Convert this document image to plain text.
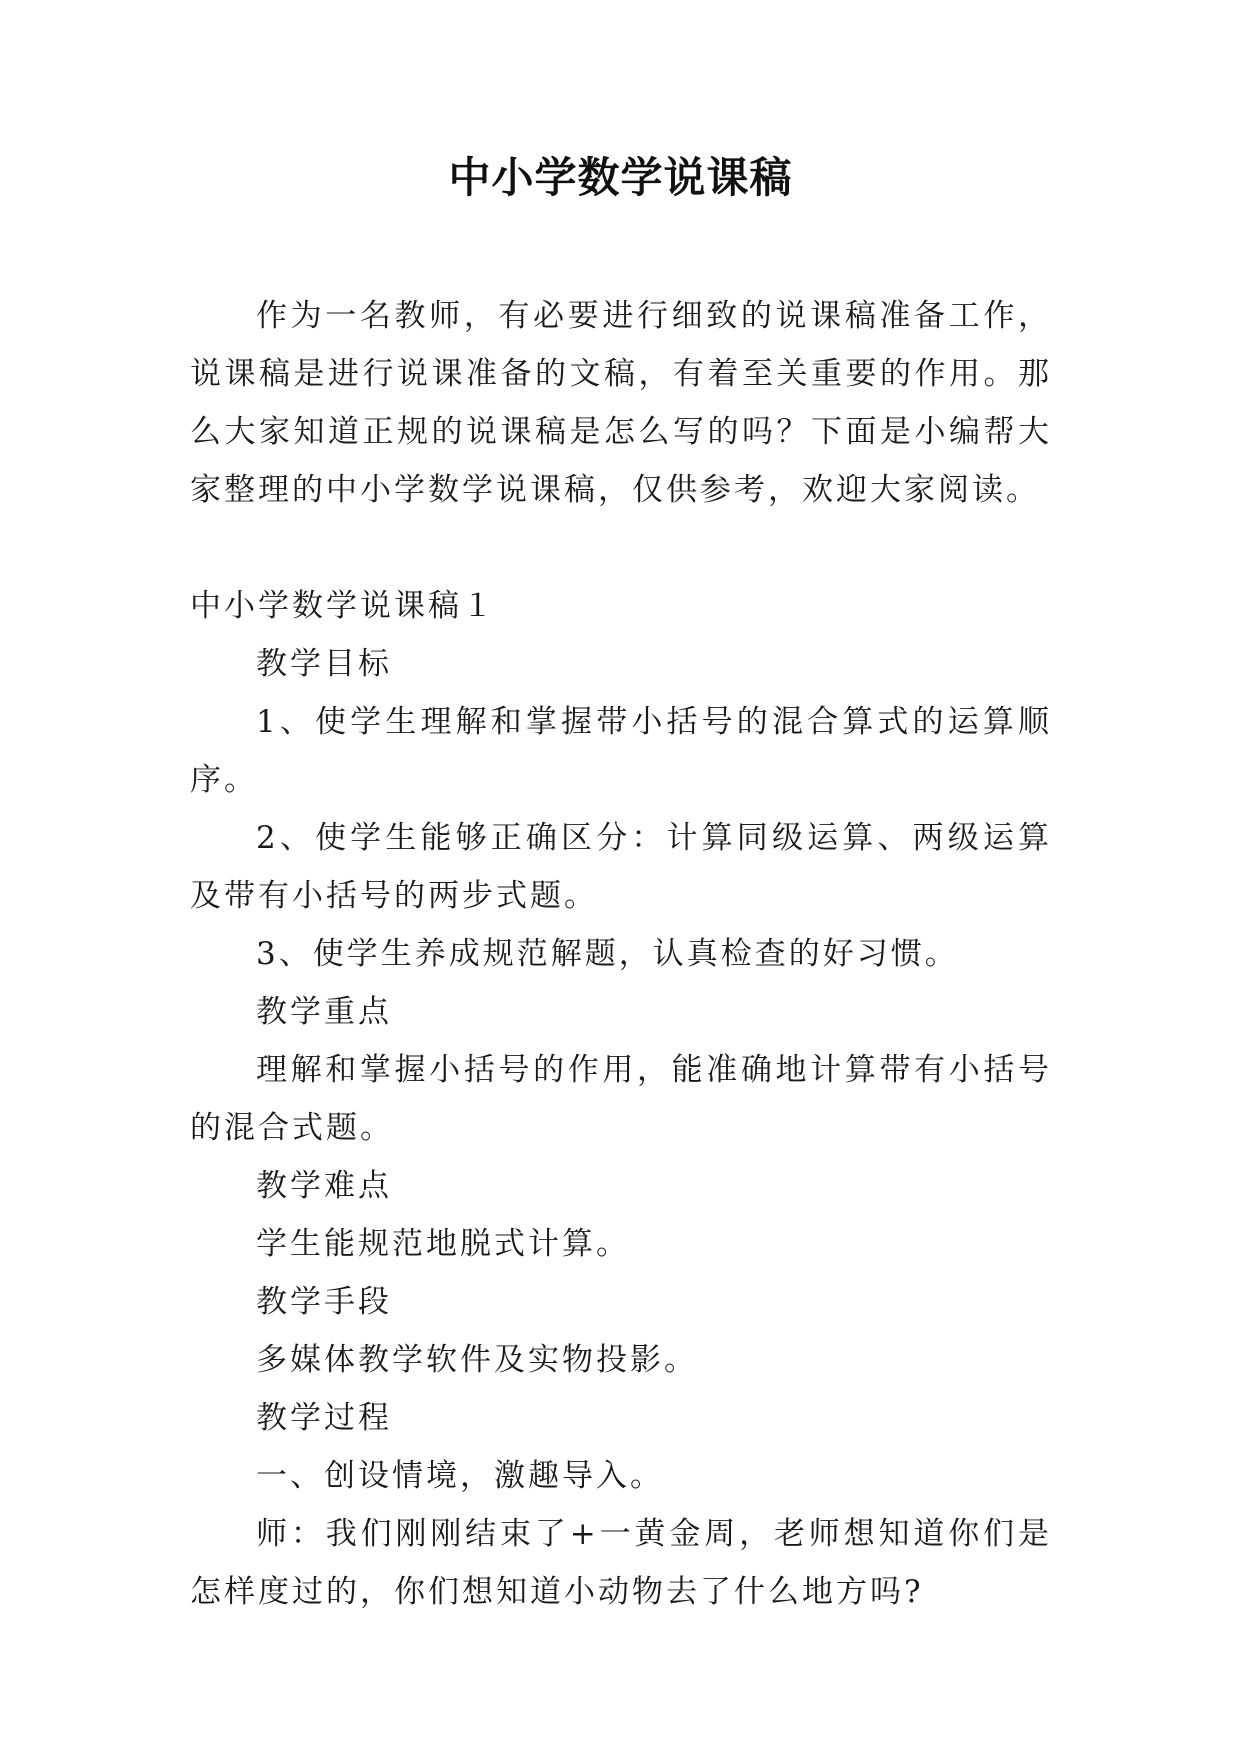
中小学数学说课稿

作为一名教师，有必要进行细致的说课稿准备工作，说课稿是进行说课准备的文稿，有着至关重要的作用。那么大家知道正规的说课稿是怎么写的吗？下面是小编帮大家整理的中小学数学说课稿，仅供参考，欢迎大家阅读。

中小学数学说课稿１

教学目标

1、使学生理解和掌握带小括号的混合算式的运算顺序。

2、使学生能够正确区分：计算同级运算、两级运算及带有小括号的两步式题。

3、使学生养成规范解题，认真检查的好习惯。

教学重点

理解和掌握小括号的作用，能准确地计算带有小括号的混合式题。

教学难点

学生能规范地脱式计算。

教学手段

多媒体教学软件及实物投影。

教学过程

一、创设情境，激趣导入。

师：我们刚刚结束了+一黄金周，老师想知道你们是怎样度过的，你们想知道小动物去了什么地方吗?
